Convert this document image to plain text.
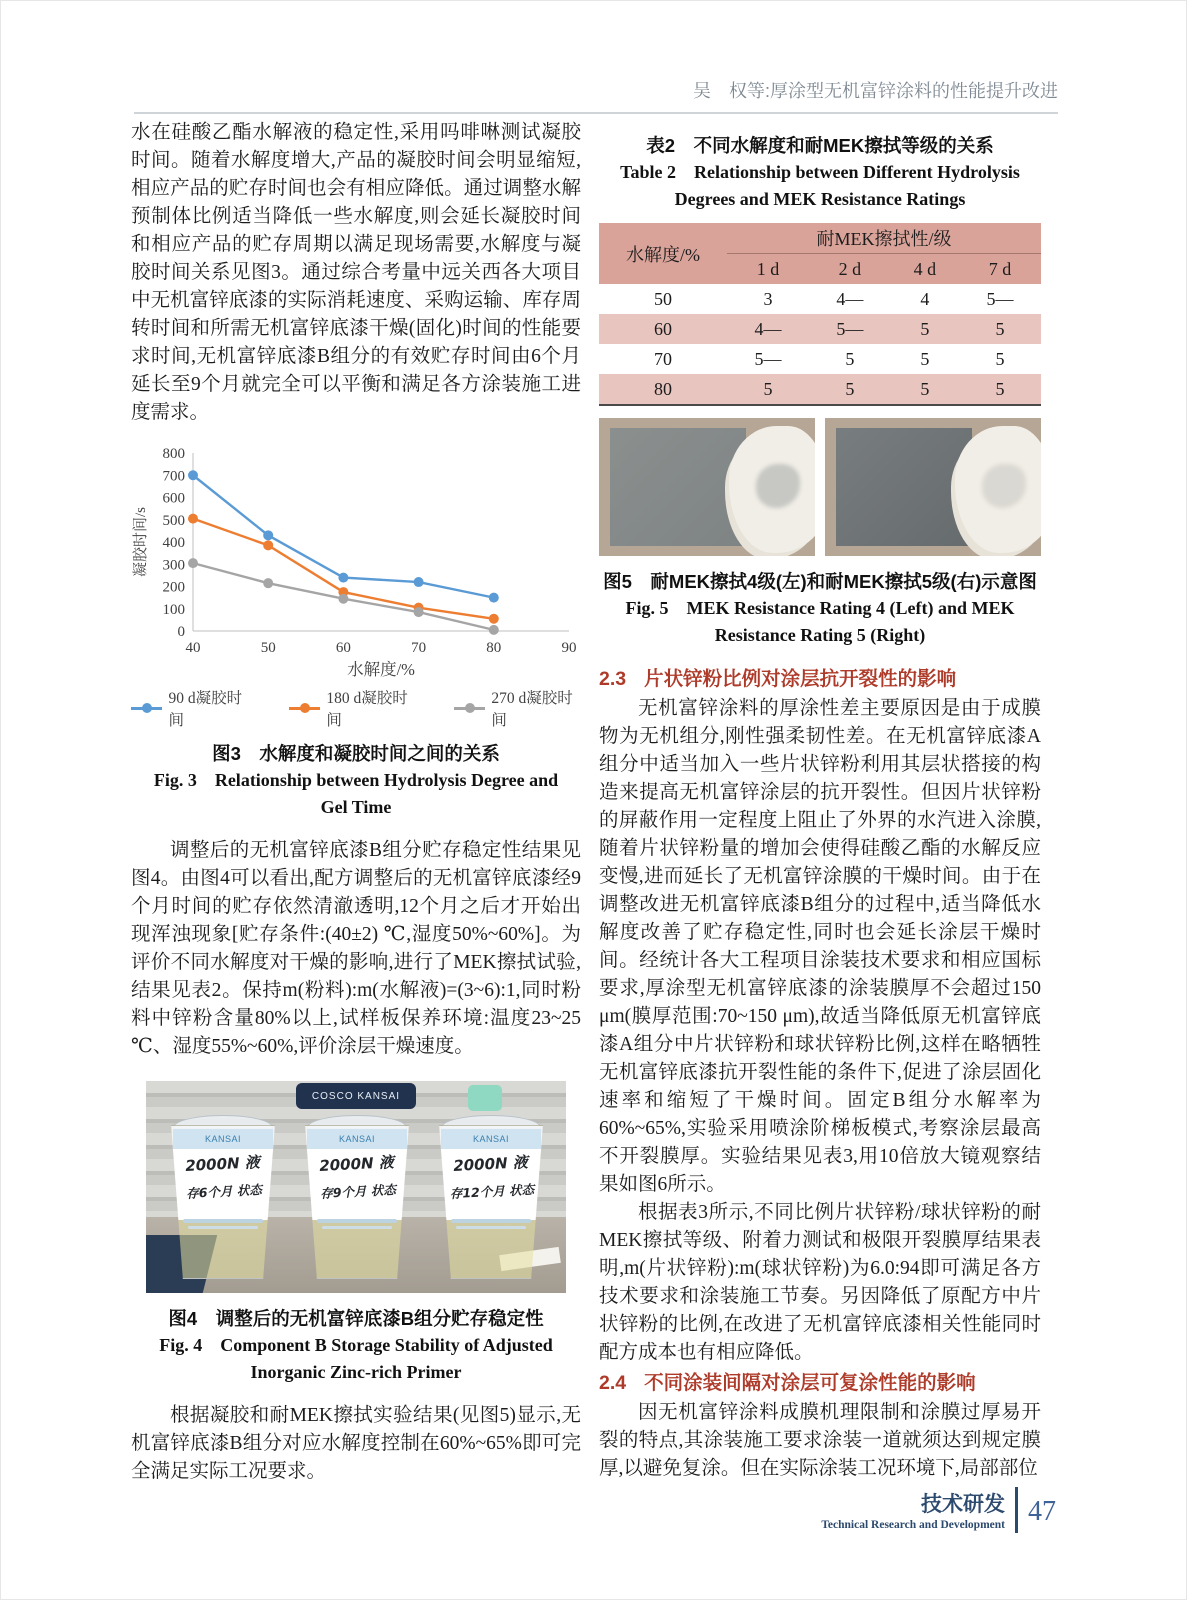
吴　权等:厚涂型无机富锌涂料的性能提升改进

水在硅酸乙酯水解液的稳定性,采用吗啡啉测试凝胶时间。随着水解度增大,产品的凝胶时间会明显缩短,相应产品的贮存时间也会有相应降低。通过调整水解预制体比例适当降低一些水解度,则会延长凝胶时间和相应产品的贮存周期以满足现场需要,水解度与凝胶时间关系见图3。通过综合考量中远关西各大项目中无机富锌底漆的实际消耗速度、采购运输、库存周转时间和所需无机富锌底漆干燥(固化)时间的性能要求时间,无机富锌底漆B组分的有效贮存时间由6个月延长至9个月就完全可以平衡和满足各方涂装施工进度需求。

0
100
200
300
400
500
600
700
800
40	50	60	70	80	90
水解度/%
凝胶时间/s
90 d凝胶时间
180 d凝胶时间
270 d凝胶时间

图3　水解度和凝胶时间之间的关系

Fig. 3　Relationship between Hydrolysis Degree and

Gel Time

调整后的无机富锌底漆B组分贮存稳定性结果见图4。由图4可以看出,配方调整后的无机富锌底漆经9个月时间的贮存依然清澈透明,12个月之后才开始出现浑浊现象[贮存条件:(40±2) ℃,湿度50%~60%]。为评价不同水解度对干燥的影响,进行了MEK擦拭试验,结果见表2。保持m(粉料):m(水解液)=(3~6):1,同时粉料中锌粉含量80%以上,试样板保养环境:温度23~25 ℃、湿度55%~60%,评价涂层干燥速度。

COSCO KANSAI
KANSAI
2000N 液
存6个月 状态
KANSAI
2000N 液
存9个月 状态
KANSAI
2000N 液
存12个月 状态

图4　调整后的无机富锌底漆B组分贮存稳定性

Fig. 4　Component B Storage Stability of Adjusted

Inorganic Zinc-rich Primer

根据凝胶和耐MEK擦拭实验结果(见图5)显示,无机富锌底漆B组分对应水解度控制在60%~65%即可完全满足实际工况要求。

表2　不同水解度和耐MEK擦拭等级的关系

Table 2　Relationship between Different Hydrolysis

Degrees and MEK Resistance Ratings

水解度/%	耐MEK擦拭性/级			
	1 d	2 d	4 d	7 d
50	3	4—	4	5—
60	4—	5—	5	5
70	5—	5	5	5
80	5	5	5	5

图5　耐MEK擦拭4级(左)和耐MEK擦拭5级(右)示意图

Fig. 5　MEK Resistance Rating 4 (Left) and MEK

Resistance Rating 5 (Right)

2.3 片状锌粉比例对涂层抗开裂性的影响

无机富锌涂料的厚涂性差主要原因是由于成膜物为无机组分,刚性强柔韧性差。在无机富锌底漆A组分中适当加入一些片状锌粉利用其层状搭接的构造来提高无机富锌涂层的抗开裂性。但因片状锌粉的屏蔽作用一定程度上阻止了外界的水汽进入涂膜,随着片状锌粉量的增加会使得硅酸乙酯的水解反应变慢,进而延长了无机富锌涂膜的干燥时间。由于在调整改进无机富锌底漆B组分的过程中,适当降低水解度改善了贮存稳定性,同时也会延长涂层干燥时间。经统计各大工程项目涂装技术要求和相应国标要求,厚涂型无机富锌底漆的涂装膜厚不会超过150 μm(膜厚范围:70~150 μm),故适当降低原无机富锌底漆A组分中片状锌粉和球状锌粉比例,这样在略牺牲无机富锌底漆抗开裂性能的条件下,促进了涂层固化速率和缩短了干燥时间。固定B组分水解率为60%~65%,实验采用喷涂阶梯板模式,考察涂层最高不开裂膜厚。实验结果见表3,用10倍放大镜观察结果如图6所示。

根据表3所示,不同比例片状锌粉/球状锌粉的耐MEK擦拭等级、附着力测试和极限开裂膜厚结果表明,m(片状锌粉):m(球状锌粉)为6.0:94即可满足各方技术要求和涂装施工节奏。另因降低了原配方中片状锌粉的比例,在改进了无机富锌底漆相关性能同时配方成本也有相应降低。

2.4 不同涂装间隔对涂层可复涂性能的影响

因无机富锌涂料成膜机理限制和涂膜过厚易开裂的特点,其涂装施工要求涂装一道就须达到规定膜厚,以避免复涂。但在实际涂装工况环境下,局部部位

技术研发
Technical Research and Development 47
